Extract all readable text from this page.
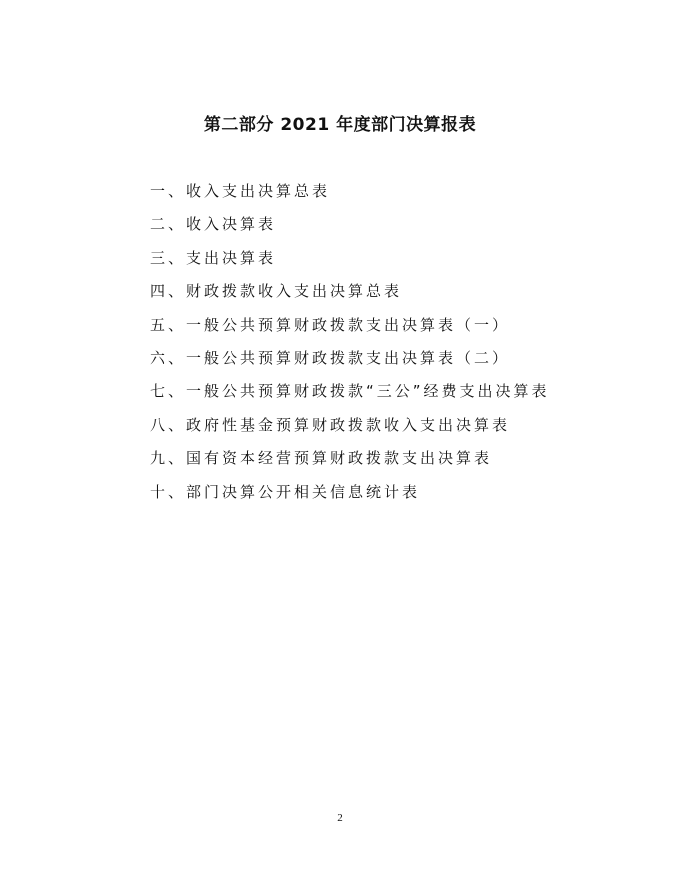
第二部分 2021 年度部门决算报表
一、收入支出决算总表
二、收入决算表
三、支出决算表
四、财政拨款收入支出决算总表
五、一般公共预算财政拨款支出决算表（一）
六、一般公共预算财政拨款支出决算表（二）
七、一般公共预算财政拨款“三公”经费支出决算表
八、政府性基金预算财政拨款收入支出决算表
九、国有资本经营预算财政拨款支出决算表
十、部门决算公开相关信息统计表
2
